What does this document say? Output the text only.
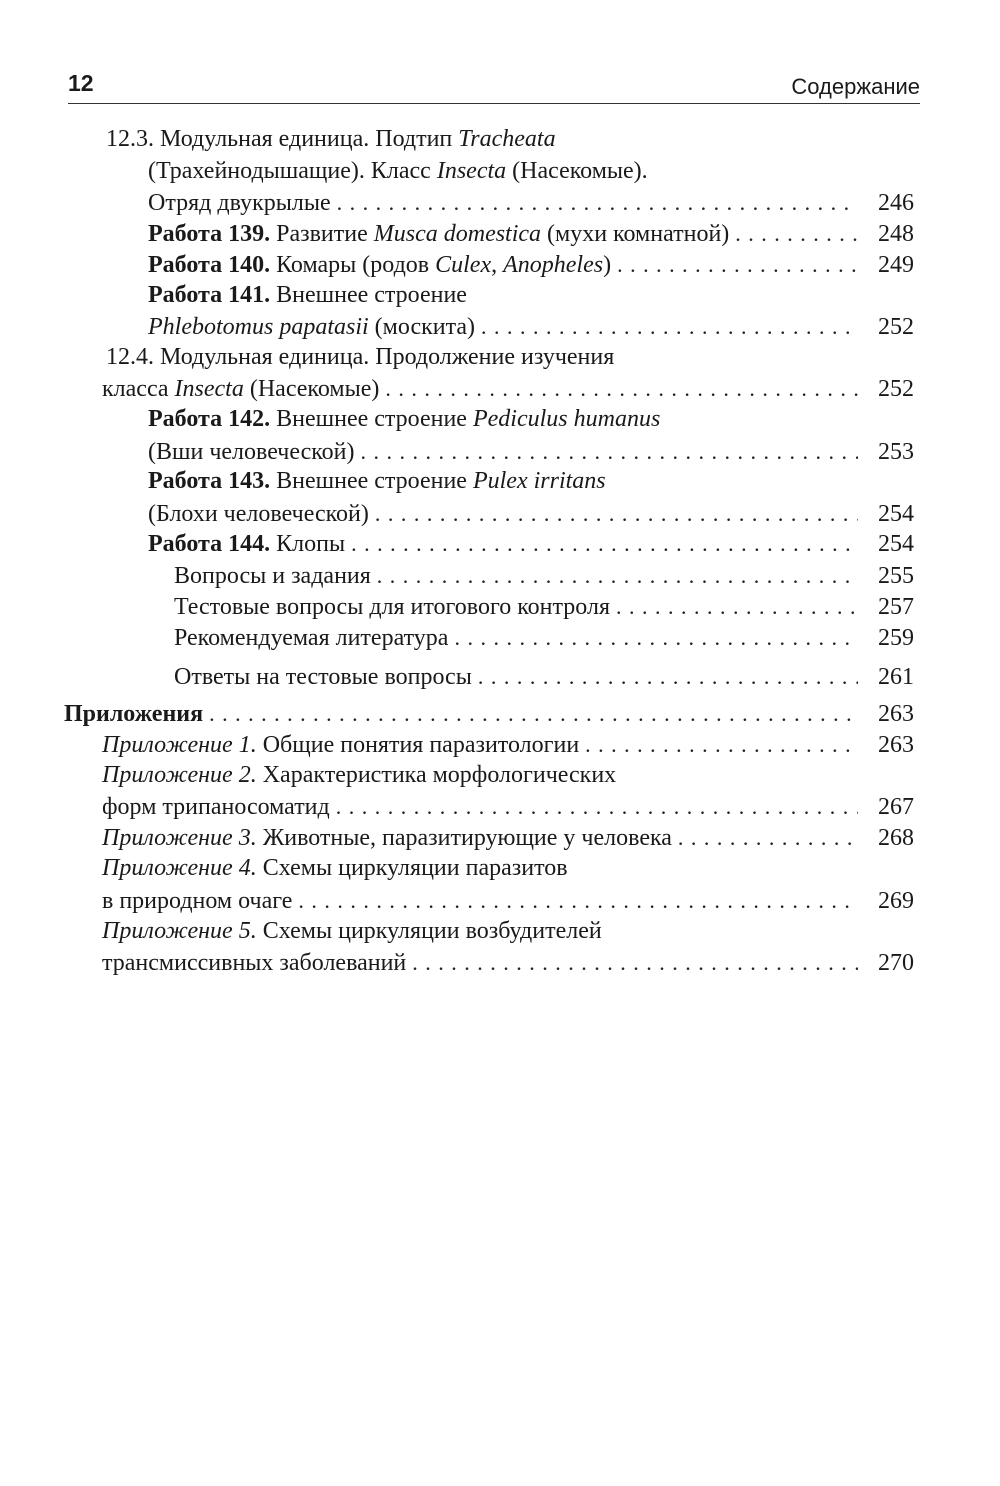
12	Содержание
12.3. Модульная единица. Подтип Tracheata
(Трахейнодышащие). Класс Insecta (Насекомые).
Отряд двукрылые . . .	246
Работа 139. Развитие Musca domestica (мухи комнатной) . . .	248
Работа 140. Комары (родов Culex, Anopheles) . . .	249
Работа 141. Внешнее строение
Phlebotomus papatasii (москита) . . .	252
12.4. Модульная единица. Продолжение изучения
класса Insecta (Насекомые) . . .	252
Работа 142. Внешнее строение Pediculus humanus
(Вши человеческой) . . .	253
Работа 143. Внешнее строение Pulex irritans
(Блохи человеческой) . . .	254
Работа 144. Клопы . . .	254
Вопросы и задания . . .	255
Тестовые вопросы для итогового контроля . . .	257
Рекомендуемая литература . . .	259
Ответы на тестовые вопросы . . .	261
Приложения . . .	263
Приложение 1. Общие понятия паразитологии . . .	263
Приложение 2. Характеристика морфологических
форм трипаносоматид . . .	267
Приложение 3. Животные, паразитирующие у человека . . .	268
Приложение 4. Схемы циркуляции паразитов
в природном очаге . . .	269
Приложение 5. Схемы циркуляции возбудителей
трансмиссивных заболеваний . . .	270
